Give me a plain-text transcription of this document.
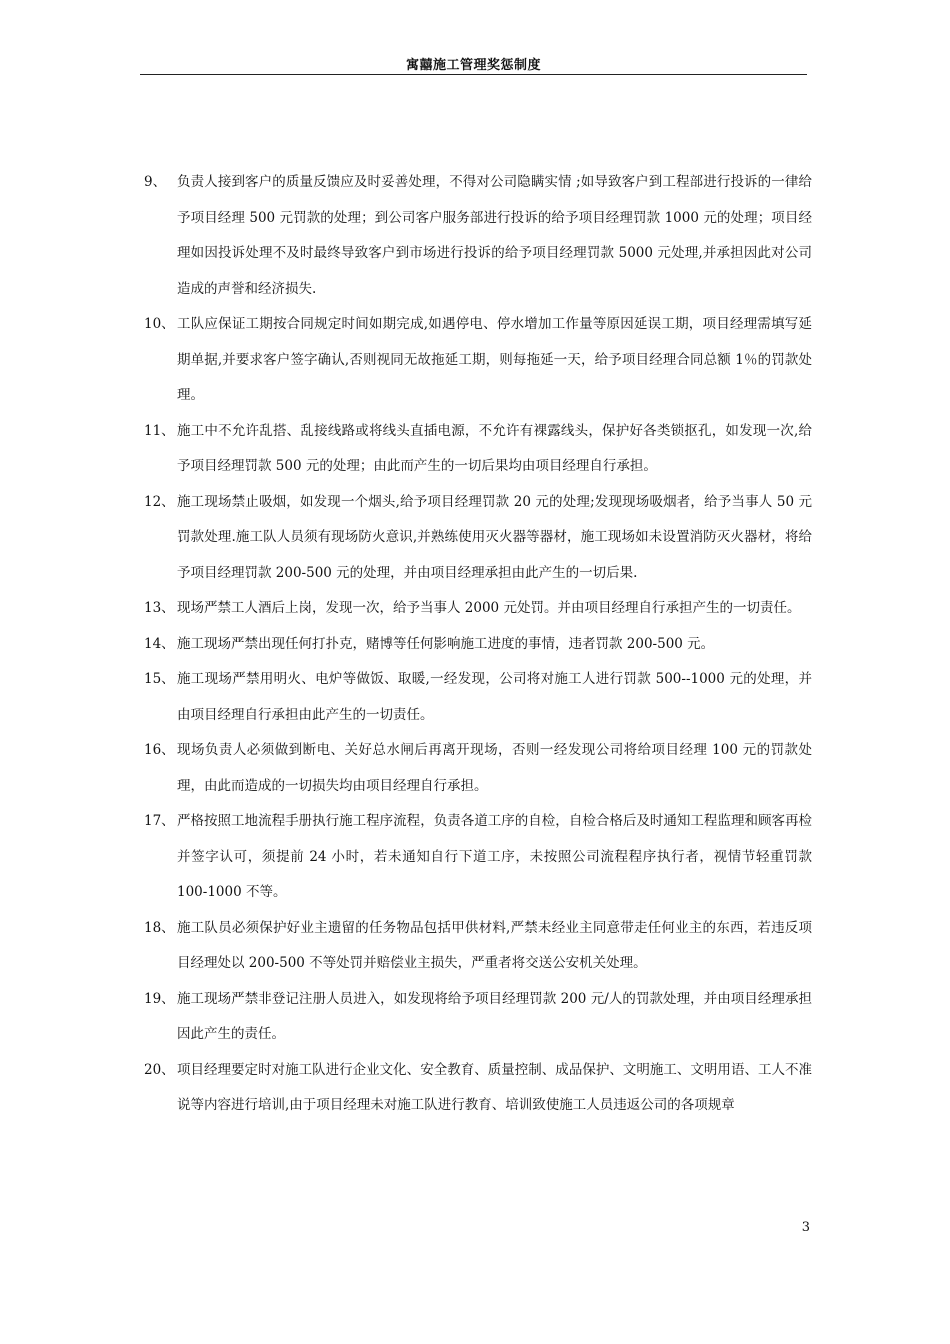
寓囍施工管理奖惩制度
9、 负责人接到客户的质量反馈应及时妥善处理，不得对公司隐瞒实情 ;如导致客户到工程部进行投诉的一律给予项目经理 500 元罚款的处理；到公司客户服务部进行投诉的给予项目经理罚款 1000 元的处理；项目经理如因投诉处理不及时最终导致客户到市场进行投诉的给予项目经理罚款 5000 元处理,并承担因此对公司造成的声誉和经济损失.
10、 工队应保证工期按合同规定时间如期完成,如遇停电、停水增加工作量等原因延误工期，项目经理需填写延期单据,并要求客户签字确认,否则视同无故拖延工期，则每拖延一天，给予项目经理合同总额 1％的罚款处理。
11、 施工中不允许乱搭、乱接线路或将线头直插电源，不允许有裸露线头，保护好各类锁抠孔，如发现一次,给予项目经理罚款 500 元的处理；由此而产生的一切后果均由项目经理自行承担。
12、 施工现场禁止吸烟，如发现一个烟头,给予项目经理罚款 20 元的处理;发现现场吸烟者，给予当事人 50 元罚款处理.施工队人员须有现场防火意识,并熟练使用灭火器等器材，施工现场如未设置消防灭火器材，将给予项目经理罚款 200-500 元的处理，并由项目经理承担由此产生的一切后果.
13、 现场严禁工人酒后上岗，发现一次，给予当事人 2000 元处罚。并由项目经理自行承担产生的一切责任。
14、 施工现场严禁出现任何打扑克，赌博等任何影响施工进度的事情，违者罚款 200-500 元。
15、 施工现场严禁用明火、电炉等做饭、取暖,一经发现，公司将对施工人进行罚款 500--1000 元的处理，并由项目经理自行承担由此产生的一切责任。
16、 现场负责人必须做到断电、关好总水闸后再离开现场，否则一经发现公司将给项目经理 100 元的罚款处理，由此而造成的一切损失均由项目经理自行承担。
17、 严格按照工地流程手册执行施工程序流程，负责各道工序的自检，自检合格后及时通知工程监理和顾客再检并签字认可，须提前 24 小时，若未通知自行下道工序，未按照公司流程程序执行者，视情节轻重罚款 100-1000 不等。
18、 施工队员必须保护好业主遗留的任务物品包括甲供材料,严禁未经业主同意带走任何业主的东西，若违反项目经理处以 200-500 不等处罚并赔偿业主损失，严重者将交送公安机关处理。
19、 施工现场严禁非登记注册人员进入，如发现将给予项目经理罚款 200 元/人的罚款处理，并由项目经理承担因此产生的责任。
20、 项目经理要定时对施工队进行企业文化、安全教育、质量控制、成品保护、文明施工、文明用语、工人不准说等内容进行培训,由于项目经理未对施工队进行教育、培训致使施工人员违返公司的各项规章
3
